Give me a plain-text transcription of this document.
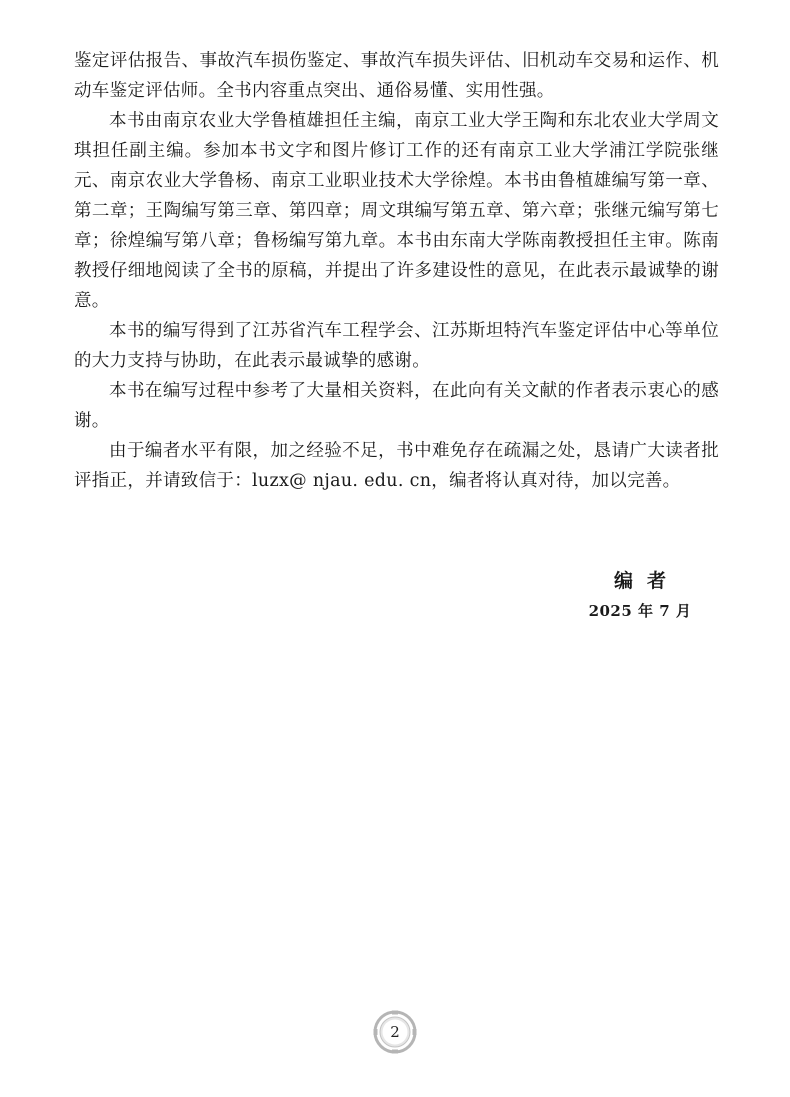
鉴定评估报告、事故汽车损伤鉴定、事故汽车损失评估、旧机动车交易和运作、机动车鉴定评估师。全书内容重点突出、通俗易懂、实用性强。

本书由南京农业大学鲁植雄担任主编，南京工业大学王陶和东北农业大学周文琪担任副主编。参加本书文字和图片修订工作的还有南京工业大学浦江学院张继元、南京农业大学鲁杨、南京工业职业技术大学徐煌。本书由鲁植雄编写第一章、第二章；王陶编写第三章、第四章；周文琪编写第五章、第六章；张继元编写第七章；徐煌编写第八章；鲁杨编写第九章。本书由东南大学陈南教授担任主审。陈南教授仔细地阅读了全书的原稿，并提出了许多建设性的意见，在此表示最诚挚的谢意。

本书的编写得到了江苏省汽车工程学会、江苏斯坦特汽车鉴定评估中心等单位的大力支持与协助，在此表示最诚挚的感谢。

本书在编写过程中参考了大量相关资料，在此向有关文献的作者表示衷心的感谢。

由于编者水平有限，加之经验不足，书中难免存在疏漏之处，恳请广大读者批评指正，并请致信于：luzx@ njau. edu. cn，编者将认真对待，加以完善。

编者
2025 年 7 月
2
